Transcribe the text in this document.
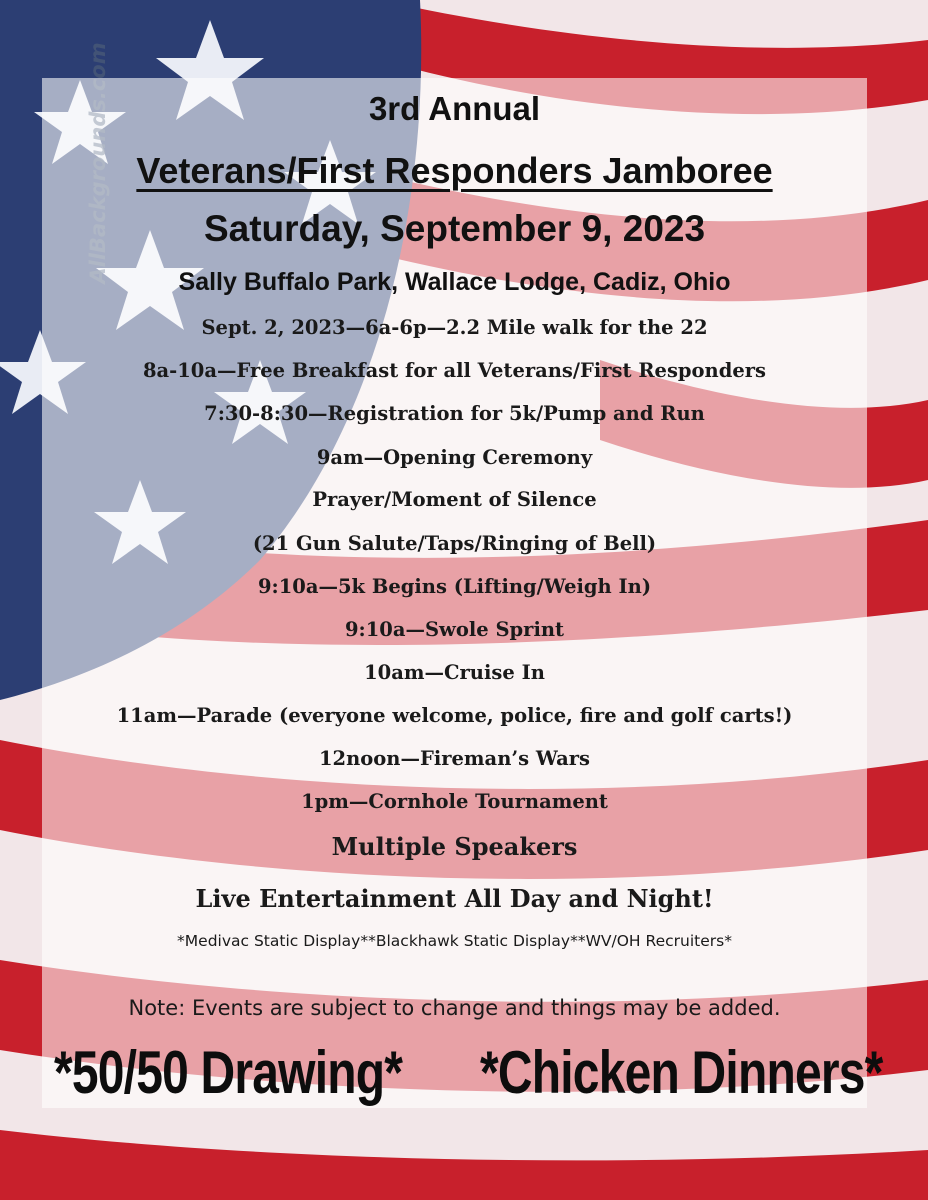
3rd Annual
Veterans/First Responders Jamboree
Saturday, September 9, 2023
Sally Buffalo Park, Wallace Lodge, Cadiz, Ohio
Sept. 2, 2023—6a-6p—2.2 Mile walk for the 22
8a-10a—Free Breakfast for all Veterans/First Responders
7:30-8:30—Registration for 5k/Pump and Run
9am—Opening Ceremony
Prayer/Moment of Silence
(21 Gun Salute/Taps/Ringing of Bell)
9:10a—5k Begins (Lifting/Weigh In)
9:10a—Swole Sprint
10am—Cruise In
11am—Parade (everyone welcome, police, fire and golf carts!)
12noon—Fireman’s Wars
1pm—Cornhole Tournament
Multiple Speakers
Live Entertainment All Day and Night!
*Medivac Static Display**Blackhawk Static Display**WV/OH Recruiters*
Note: Events are subject to change and things may be added.
*50/50 Drawing* *Chicken Dinners*
